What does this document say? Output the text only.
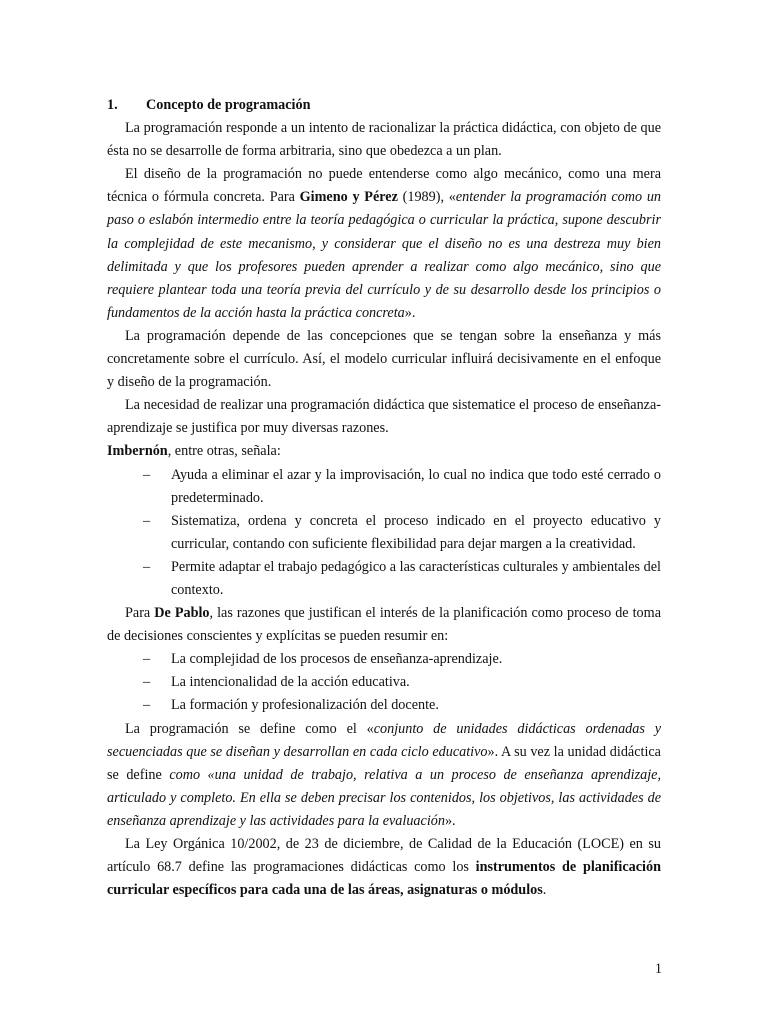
1.	Concepto de programación

La programación responde a un intento de racionalizar la práctica didáctica, con objeto de que ésta no se desarrolle de forma arbitraria, sino que obedezca a un plan.

El diseño de la programación no puede entenderse como algo mecánico, como una mera técnica o fórmula concreta. Para Gimeno y Pérez (1989), «entender la programación como un paso o eslabón intermedio entre la teoría pedagógica o curricular la práctica, supone descubrir la complejidad de este mecanismo, y considerar que el diseño no es una destreza muy bien delimitada y que los profesores pueden aprender a realizar como algo mecánico, sino que requiere plantear toda una teoría previa del currículo y de su desarrollo desde los principios o fundamentos de la acción hasta la práctica concreta».

La programación depende de las concepciones que se tengan sobre la enseñanza y más concretamente sobre el currículo. Así, el modelo curricular influirá decisivamente en el enfoque y diseño de la programación.

La necesidad de realizar una programación didáctica que sistematice el proceso de enseñanza-aprendizaje se justifica por muy diversas razones.

Imbernón, entre otras, señala:

– Ayuda a eliminar el azar y la improvisación, lo cual no indica que todo esté cerrado o predeterminado.
– Sistematiza, ordena y concreta el proceso indicado en el proyecto educativo y curricular, contando con suficiente flexibilidad para dejar margen a la creatividad.
– Permite adaptar el trabajo pedagógico a las características culturales y ambientales del contexto.

Para De Pablo, las razones que justifican el interés de la planificación como proceso de toma de decisiones conscientes y explícitas se pueden resumir en:

– La complejidad de los procesos de enseñanza-aprendizaje.
– La intencionalidad de la acción educativa.
– La formación y profesionalización del docente.

La programación se define como el «conjunto de unidades didácticas ordenadas y secuenciadas que se diseñan y desarrollan en cada ciclo educativo». A su vez la unidad didáctica se define como «una unidad de trabajo, relativa a un proceso de enseñanza aprendizaje, articulado y completo. En ella se deben precisar los contenidos, los objetivos, las actividades de enseñanza aprendizaje y las actividades para la evaluación».

La Ley Orgánica 10/2002, de 23 de diciembre, de Calidad de la Educación (LOCE) en su artículo 68.7 define las programaciones didácticas como los instrumentos de planificación curricular específicos para cada una de las áreas, asignaturas o módulos.

1
